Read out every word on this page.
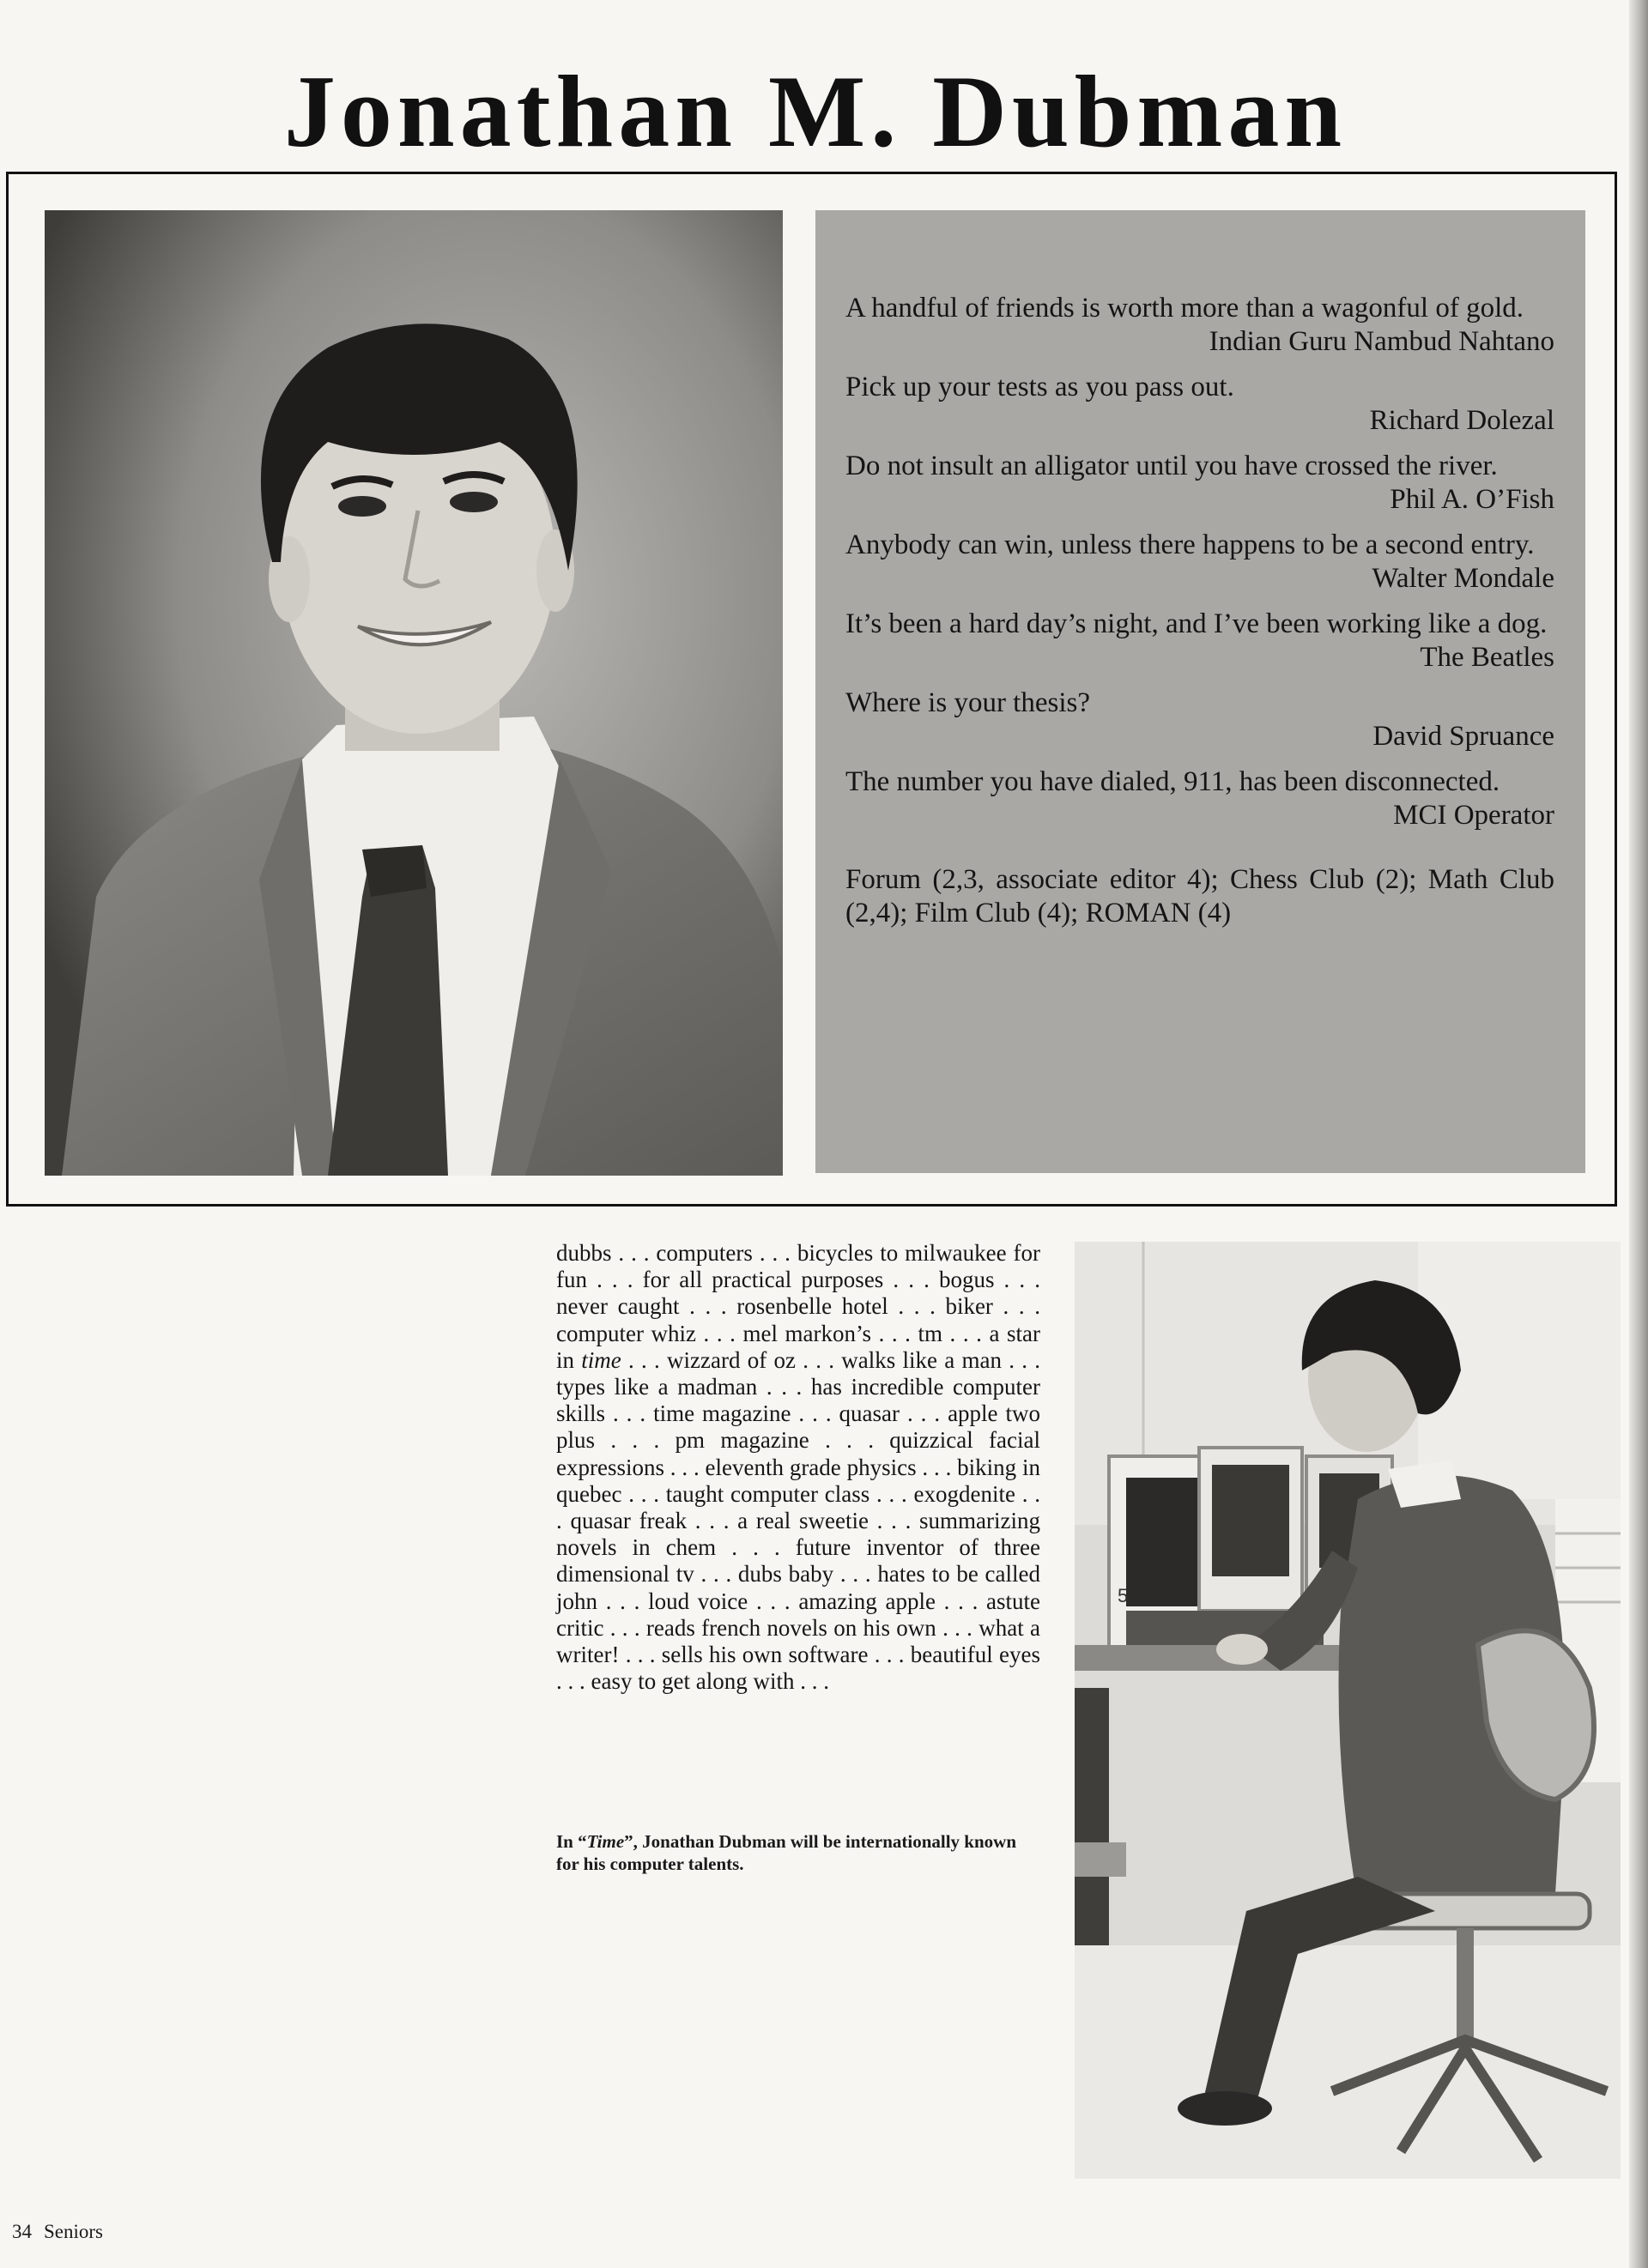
Jonathan M. Dubman
A handful of friends is worth more than a wagonful of gold.
Indian Guru Nambud Nahtano
Pick up your tests as you pass out.
Richard Dolezal
Do not insult an alligator until you have crossed the river.
Phil A. O’Fish
Anybody can win, unless there happens to be a second entry.
Walter Mondale
It’s been a hard day’s night, and I’ve been working like a dog.
The Beatles
Where is your thesis?
David Spruance
The number you have dialed, 911, has been disconnected.
MCI Operator
Forum (2,3, associate editor 4); Chess Club (2); Math Club (2,4); Film Club (4); ROMAN (4)
dubbs . . . computers . . . bicycles to milwaukee for fun . . . for all practical purposes . . . bogus . . . never caught . . . rosenbelle hotel . . . biker . . . computer whiz . . . mel markon’s . . . tm . . . a star in time . . . wizzard of oz . . . walks like a man . . . types like a madman . . . has incredible computer skills . . . time magazine . . . quasar . . . apple two plus . . . pm magazine . . . quizzical facial expressions . . . eleventh grade physics . . . biking in quebec . . . taught computer class . . . exogdenite . . . quasar freak . . . a real sweetie . . . summarizing novels in chem . . . future inventor of three dimensional tv . . . dubs baby . . . hates to be called john . . . loud voice . . . amazing apple . . . astute critic . . . reads french novels on his own . . . what a writer! . . . sells his own software . . . beautiful eyes . . . easy to get along with . . .
In “Time”, Jonathan Dubman will be internationally known for his computer talents.
5
34 Seniors
